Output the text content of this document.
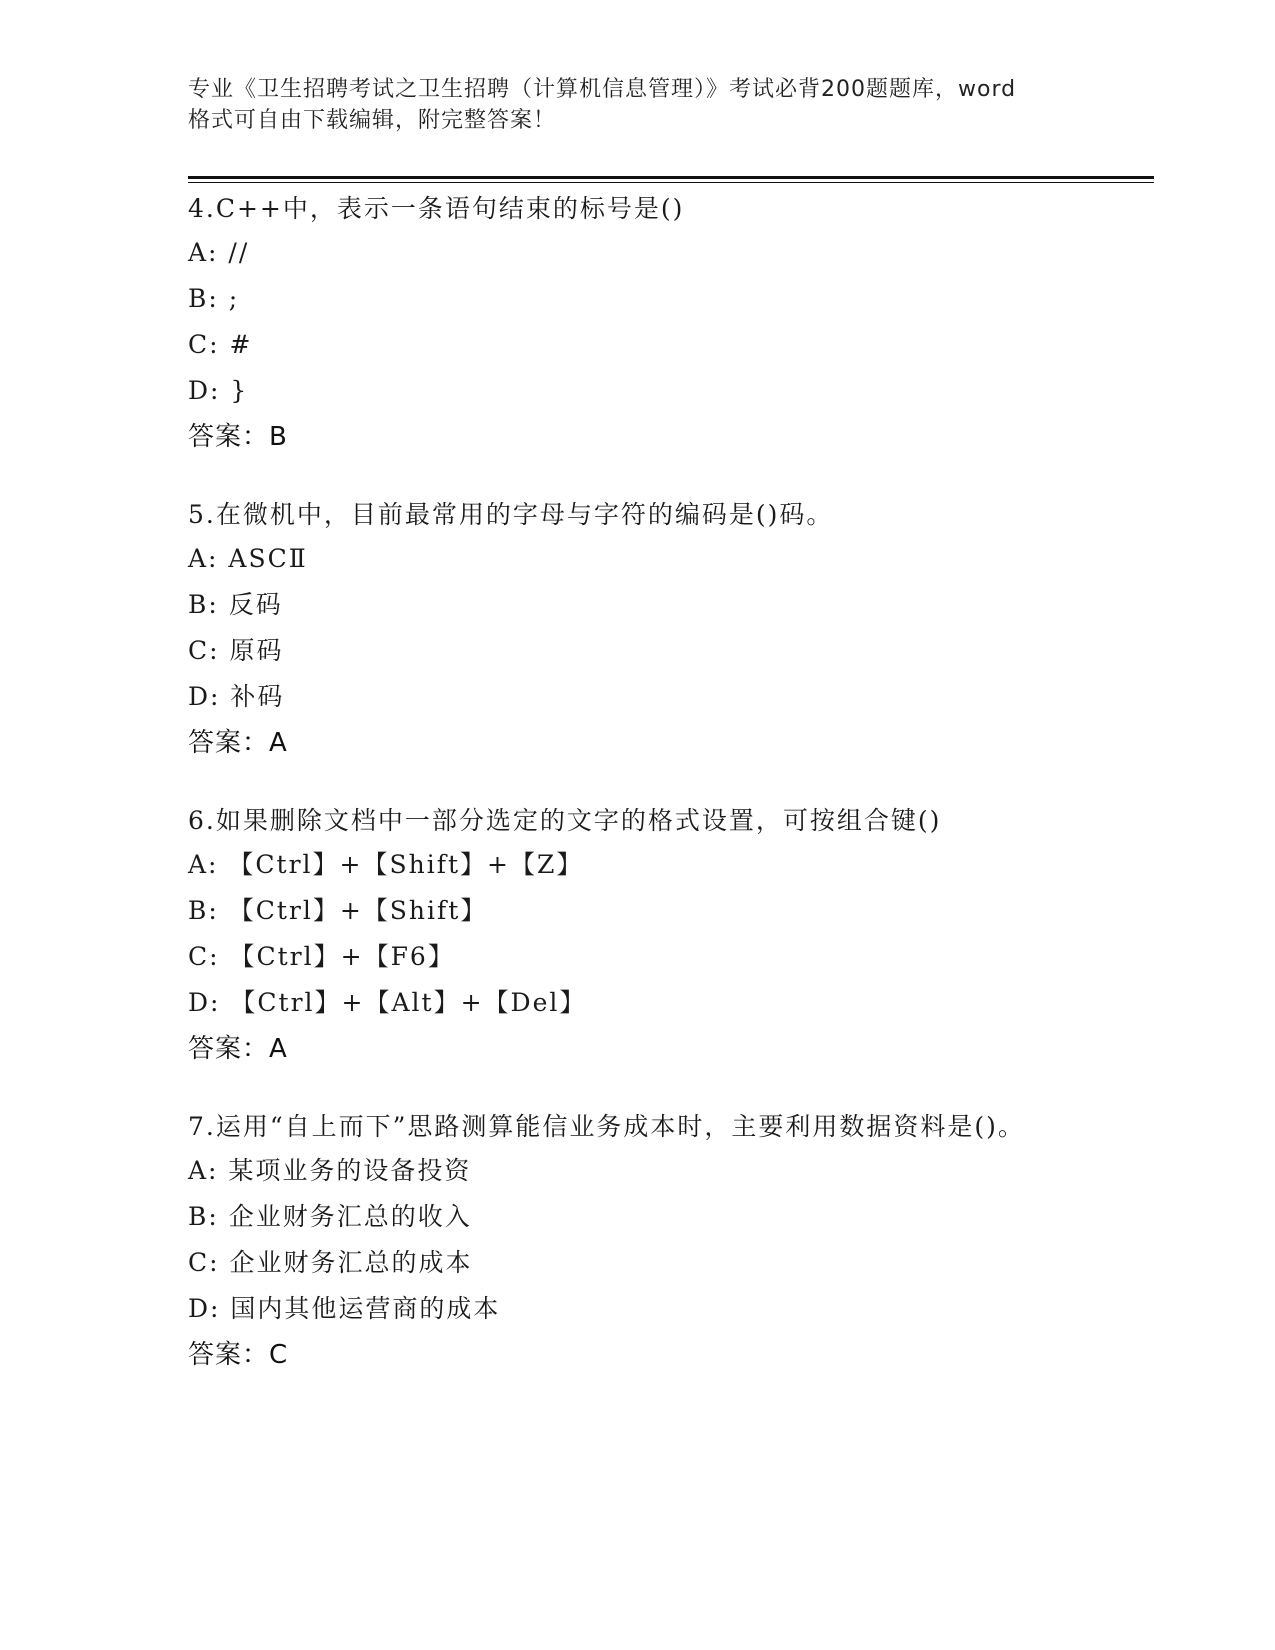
专业《卫生招聘考试之卫生招聘（计算机信息管理）》考试必背200题题库，word
格式可自由下载编辑，附完整答案！
4.C++中，表示一条语句结束的标号是()
A: //
B: ;
C: #
D: }
答案：B
5.在微机中，目前最常用的字母与字符的编码是()码。
A: ASCⅡ
B: 反码
C: 原码
D: 补码
答案：A
6.如果删除文档中一部分选定的文字的格式设置，可按组合键()
A: 【Ctrl】+【Shift】+【Z】
B: 【Ctrl】+【Shift】
C: 【Ctrl】+【F6】
D: 【Ctrl】+【Alt】+【Del】
答案：A
7.运用“自上而下”思路测算能信业务成本时，主要利用数据资料是()。
A: 某项业务的设备投资
B: 企业财务汇总的收入
C: 企业财务汇总的成本
D: 国内其他运营商的成本
答案：C
